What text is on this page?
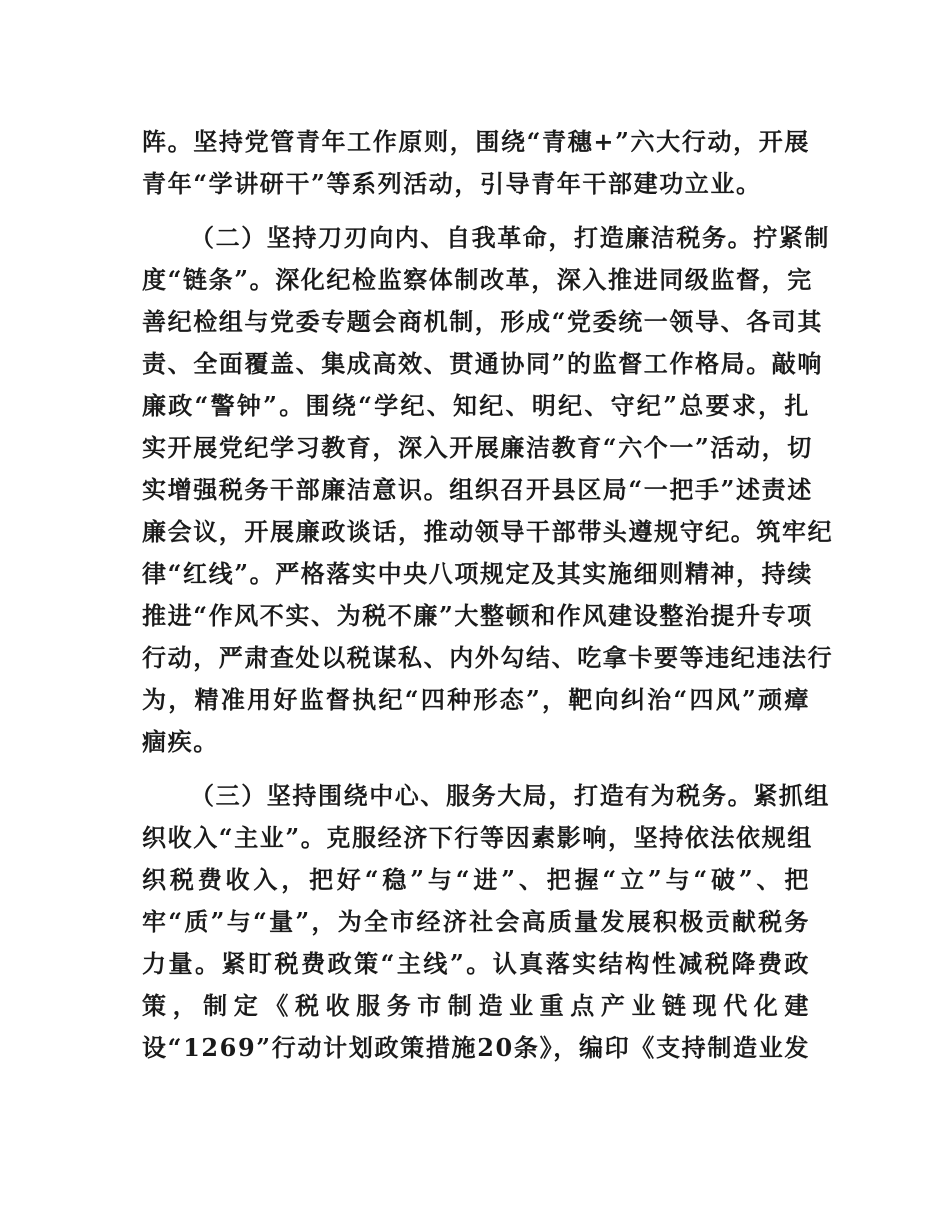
阵。坚持党管青年工作原则，围绕“青穗+”六大行动，开展
青年“学讲研干”等系列活动，引导青年干部建功立业。
（二）坚持刀刃向内、自我革命，打造廉洁税务。拧紧制
度“链条”。深化纪检监察体制改革，深入推进同级监督，完
善纪检组与党委专题会商机制，形成“党委统一领导、各司其
责、全面覆盖、集成高效、贯通协同”的监督工作格局。敲响
廉政“警钟”。围绕“学纪、知纪、明纪、守纪”总要求，扎
实开展党纪学习教育，深入开展廉洁教育“六个一”活动，切
实增强税务干部廉洁意识。组织召开县区局“一把手”述责述
廉会议，开展廉政谈话，推动领导干部带头遵规守纪。筑牢纪
律“红线”。严格落实中央八项规定及其实施细则精神，持续
推进“作风不实、为税不廉”大整顿和作风建设整治提升专项
行动，严肃查处以税谋私、内外勾结、吃拿卡要等违纪违法行
为，精准用好监督执纪“四种形态”，靶向纠治“四风”顽瘴
痼疾。
（三）坚持围绕中心、服务大局，打造有为税务。紧抓组
织收入“主业”。克服经济下行等因素影响，坚持依法依规组
织税费收入，把好“稳”与“进”、把握“立”与“破”、把
牢“质”与“量”，为全市经济社会高质量发展积极贡献税务
力量。紧盯税费政策“主线”。认真落实结构性减税降费政
策，制定《税收服务市制造业重点产业链现代化建
设“1269”行动计划政策措施20条》，编印《支持制造业发
